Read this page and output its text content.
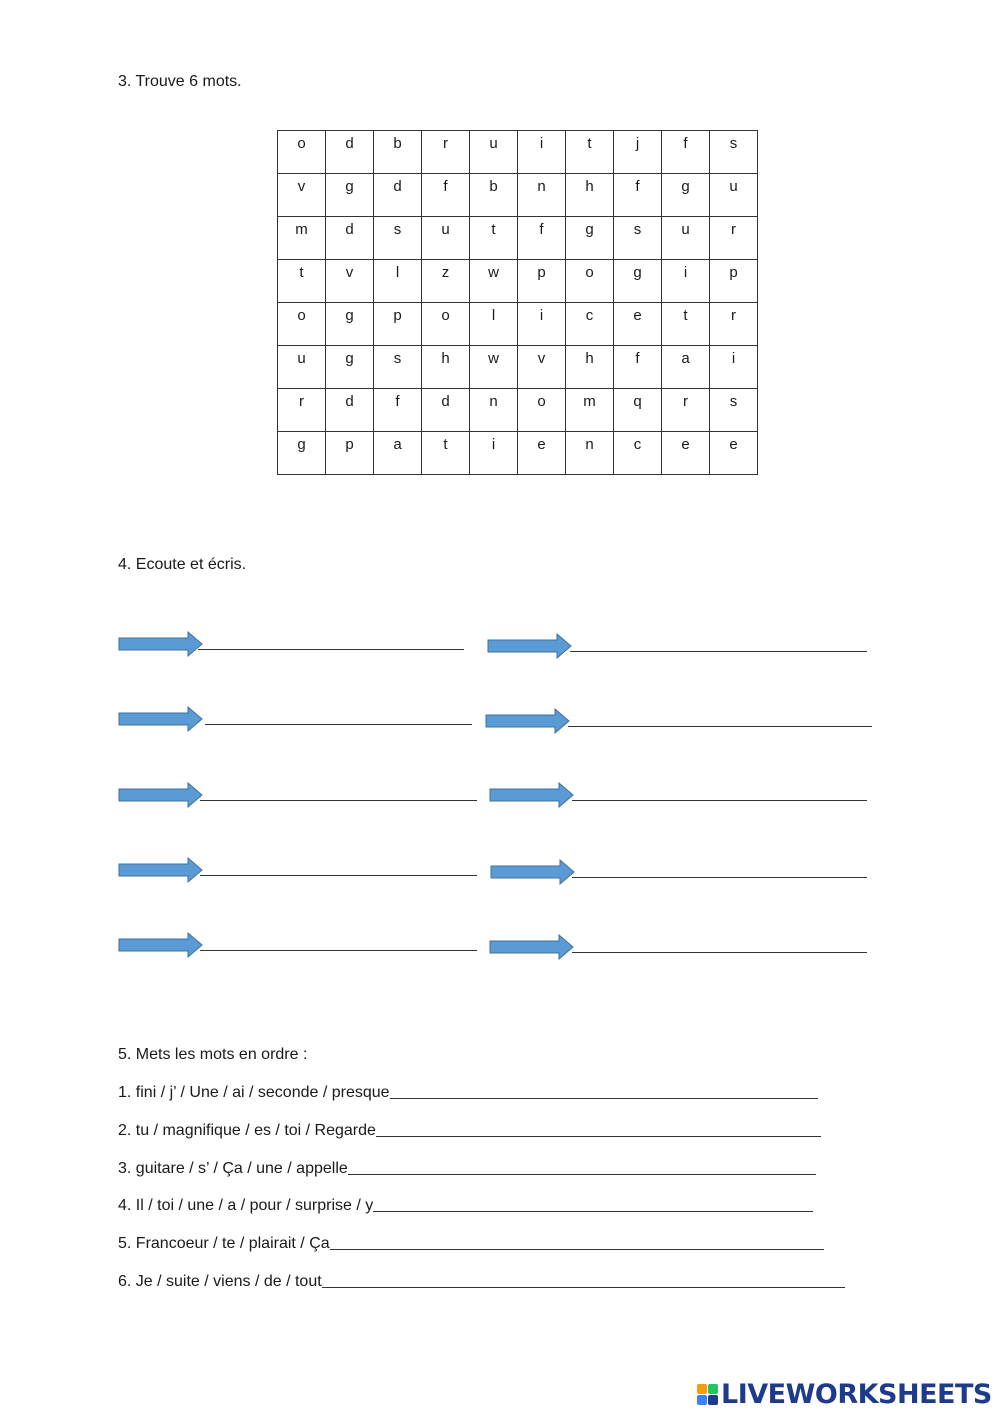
3. Trouve 6 mots.
o	d	b	r	u	i	t	j	f	s
v	g	d	f	b	n	h	f	g	u
m	d	s	u	t	f	g	s	u	r
t	v	l	z	w	p	o	g	i	p
o	g	p	o	l	i	c	e	t	r
u	g	s	h	w	v	h	f	a	i
r	d	f	d	n	o	m	q	r	s
g	p	a	t	i	e	n	c	e	e
4. Ecoute et écris.
5. Mets les mots en ordre :
1. fini / j’ / Une / ai / seconde / presque
2. tu / magnifique / es / toi / Regarde
3. guitare / s’ / Ça / une / appelle
4. Il / toi / une / a / pour / surprise / y
5. Francoeur / te / plairait / Ça
6. Je / suite / viens / de / tout
LIVEWORKSHEETS
